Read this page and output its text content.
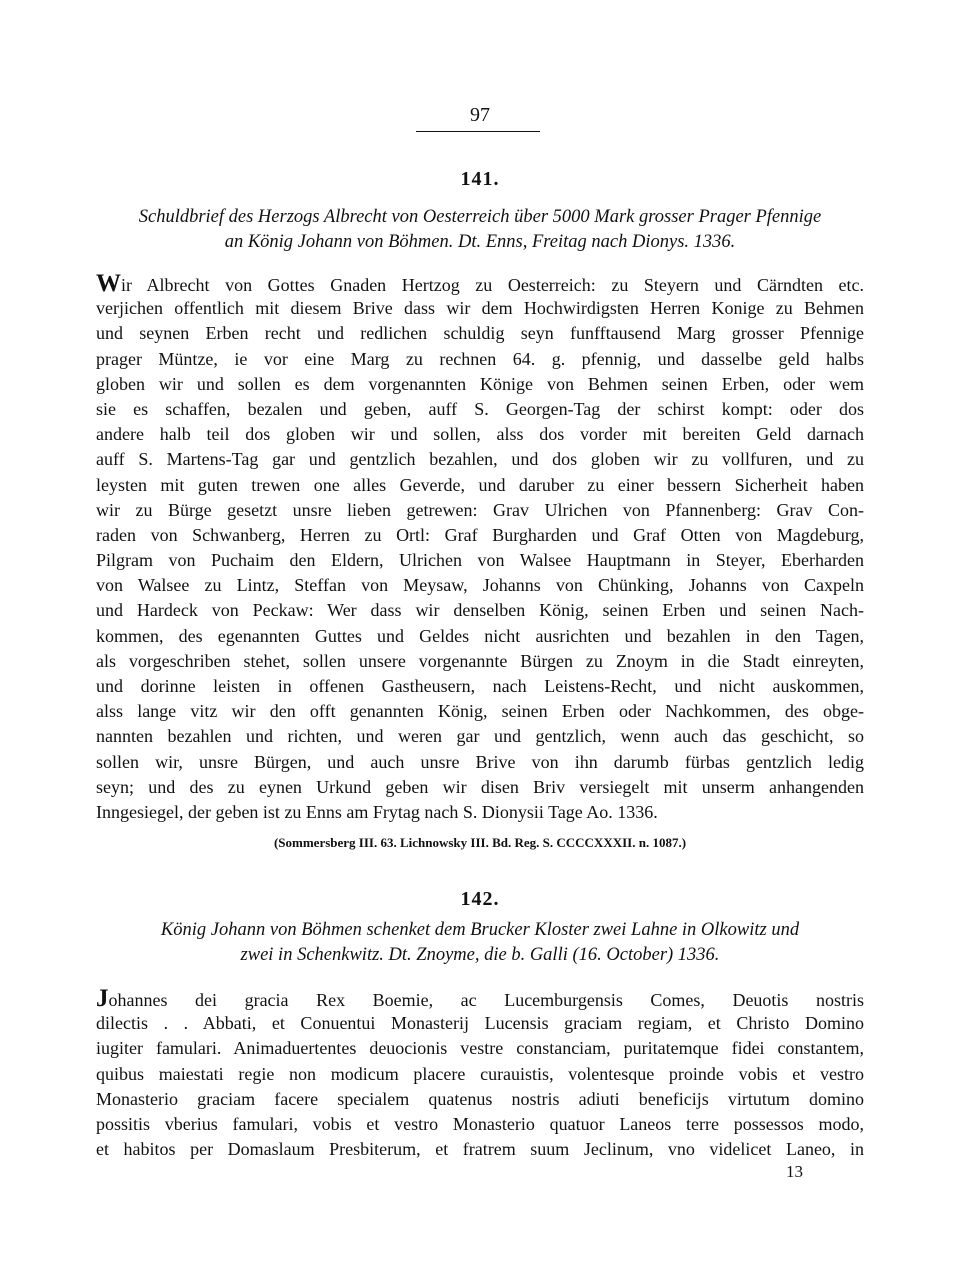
97
141.
Schuldbrief des Herzogs Albrecht von Oesterreich über 5000 Mark grosser Prager Pfennige
an König Johann von Böhmen. Dt. Enns, Freitag nach Dionys. 1336.
Wir Albrecht von Gottes Gnaden Hertzog zu Oesterreich: zu Steyern und Cärndten etc.
verjichen offentlich mit diesem Brive dass wir dem Hochwirdigsten Herren Konige zu Behmen
und seynen Erben recht und redlichen schuldig seyn funfftausend Marg grosser Pfennige
prager Müntze, ie vor eine Marg zu rechnen 64. g. pfennig, und dasselbe geld halbs
globen wir und sollen es dem vorgenannten Könige von Behmen seinen Erben, oder wem
sie es schaffen, bezalen und geben, auff S. Georgen-Tag der schirst kompt: oder dos
andere halb teil dos globen wir und sollen, alss dos vorder mit bereiten Geld darnach
auff S. Martens-Tag gar und gentzlich bezahlen, und dos globen wir zu vollfuren, und zu
leysten mit guten trewen one alles Geverde, und daruber zu einer bessern Sicherheit haben
wir zu Bürge gesetzt unsre lieben getrewen: Grav Ulrichen von Pfannenberg: Grav Con-
raden von Schwanberg, Herren zu Ortl: Graf Burgharden und Graf Otten von Magdeburg,
Pilgram von Puchaim den Eldern, Ulrichen von Walsee Hauptmann in Steyer, Eberharden
von Walsee zu Lintz, Steffan von Meysaw, Johanns von Chünking, Johanns von Caxpeln
und Hardeck von Peckaw: Wer dass wir denselben König, seinen Erben und seinen Nach-
kommen, des egenannten Guttes und Geldes nicht ausrichten und bezahlen in den Tagen,
als vorgeschriben stehet, sollen unsere vorgenannte Bürgen zu Znoym in die Stadt einreyten,
und dorinne leisten in offenen Gastheusern, nach Leistens-Recht, und nicht auskommen,
alss lange vitz wir den offt genannten König, seinen Erben oder Nachkommen, des obge-
nannten bezahlen und richten, und weren gar und gentzlich, wenn auch das geschicht, so
sollen wir, unsre Bürgen, und auch unsre Brive von ihn darumb fürbas gentzlich ledig
seyn; und des zu eynen Urkund geben wir disen Briv versiegelt mit unserm anhangenden
Inngesiegel, der geben ist zu Enns am Frytag nach S. Dionysii Tage Ao. 1336.
(Sommersberg III. 63. Lichnowsky III. Bd. Reg. S. CCCCXXXII. n. 1087.)
142.
König Johann von Böhmen schenket dem Brucker Kloster zwei Lahne in Olkowitz und
zwei in Schenkwitz. Dt. Znoyme, die b. Galli (16. October) 1336.
Johannes dei gracia Rex Boemie, ac Lucemburgensis Comes, Deuotis nostris
dilectis . . Abbati, et Conuentui Monasterij Lucensis graciam regiam, et Christo Domino
iugiter famulari. Animaduertentes deuocionis vestre constanciam, puritatemque fidei constantem,
quibus maiestati regie non modicum placere curauistis, volentesque proinde vobis et vestro
Monasterio graciam facere specialem quatenus nostris adiuti beneficijs virtutum domino
possitis vberius famulari, vobis et vestro Monasterio quatuor Laneos terre possessos modo,
et habitos per Domaslaum Presbiterum, et fratrem suum Jeclinum, vno videlicet Laneo, in
13
